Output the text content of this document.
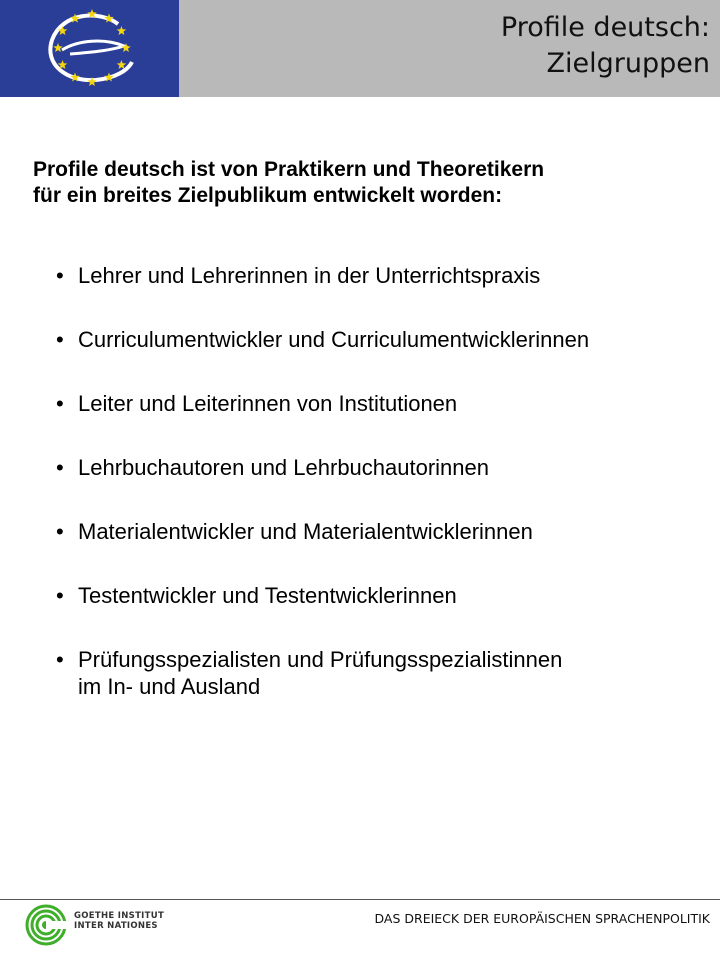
Profile deutsch:
Zielgruppen
Profile deutsch ist von Praktikern und Theoretikern
für ein breites Zielpublikum entwickelt worden:
• Lehrer und Lehrerinnen in der Unterrichtspraxis
• Curriculumentwickler und Curriculumentwicklerinnen
• Leiter und Leiterinnen von Institutionen
• Lehrbuchautoren und Lehrbuchautorinnen
• Materialentwickler und Materialentwicklerinnen
• Testentwickler und Testentwicklerinnen
• Prüfungsspezialisten und Prüfungsspezialistinnen
im In- und Ausland
GOETHE INSTITUT
INTER NATIONES	DAS DREIECK DER EUROPÄISCHEN SPRACHENPOLITIK
